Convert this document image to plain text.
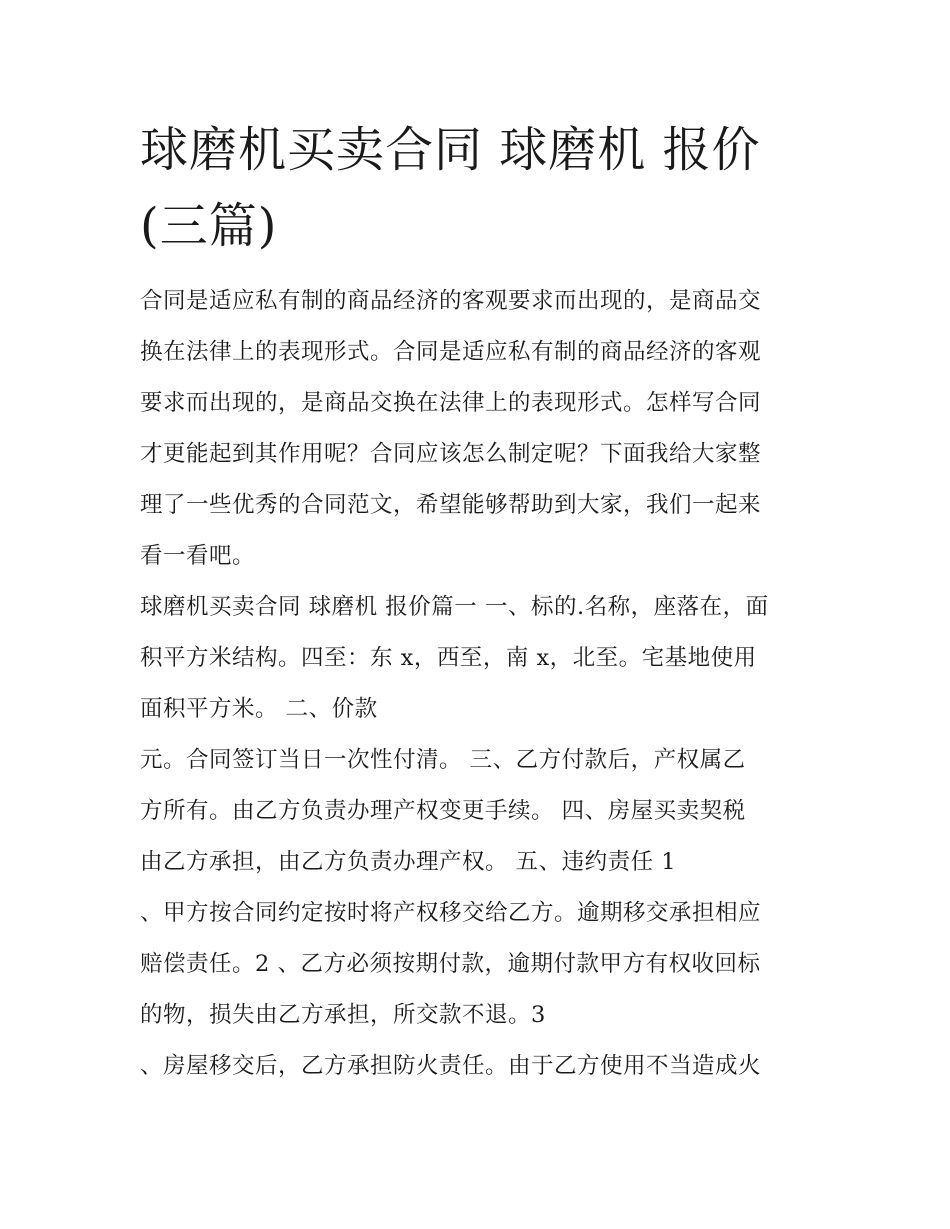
球磨机买卖合同 球磨机 报价
(三篇)
合同是适应私有制的商品经济的客观要求而出现的，是商品交
换在法律上的表现形式。合同是适应私有制的商品经济的客观
要求而出现的，是商品交换在法律上的表现形式。怎样写合同
才更能起到其作用呢？合同应该怎么制定呢？下面我给大家整
理了一些优秀的合同范文，希望能够帮助到大家，我们一起来
看一看吧。
球磨机买卖合同 球磨机 报价篇一 一、标的.名称，座落在，面
积平方米结构。四至：东 x，西至，南 x，北至。宅基地使用
面积平方米。 二、价款
元。合同签订当日一次性付清。 三、乙方付款后，产权属乙
方所有。由乙方负责办理产权变更手续。 四、房屋买卖契税
由乙方承担，由乙方负责办理产权。 五、违约责任 1
、甲方按合同约定按时将产权移交给乙方。逾期移交承担相应
赔偿责任。2 、乙方必须按期付款，逾期付款甲方有权收回标
的物，损失由乙方承担，所交款不退。3
、房屋移交后，乙方承担防火责任。由于乙方使用不当造成火
